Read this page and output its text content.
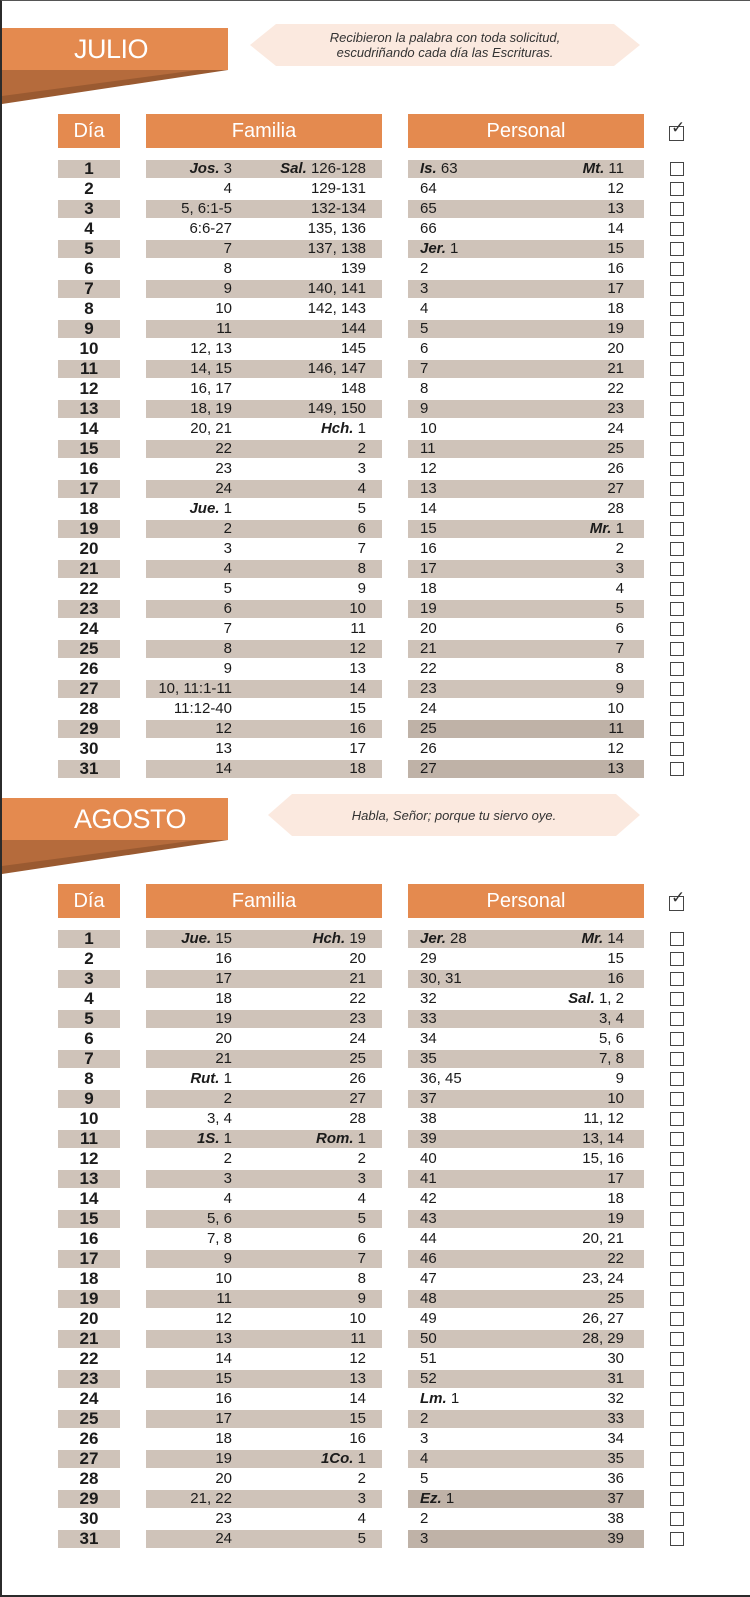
JULIO	Recibieron la palabra con toda solicitud,
escudriñando cada día las Escrituras.
Día	Familia	Personal	✓
1	Jos. 3	Sal. 126-128	Is. 63	Mt. 11
2	4	129-131	64	12
3	5, 6:1-5	132-134	65	13
4	6:6-27	135, 136	66	14
5	7	137, 138	Jer. 1	15
6	8	139	2	16
7	9	140, 141	3	17
8	10	142, 143	4	18
9	11	144	5	19
10	12, 13	145	6	20
11	14, 15	146, 147	7	21
12	16, 17	148	8	22
13	18, 19	149, 150	9	23
14	20, 21	Hch. 1	10	24
15	22	2	11	25
16	23	3	12	26
17	24	4	13	27
18	Jue. 1	5	14	28
19	2	6	15	Mr. 1
20	3	7	16	2
21	4	8	17	3
22	5	9	18	4
23	6	10	19	5
24	7	11	20	6
25	8	12	21	7
26	9	13	22	8
27	10, 11:1-11	14	23	9
28	11:12-40	15	24	10
29	12	16	25	11
30	13	17	26	12
31	14	18	27	13
AGOSTO	Habla, Señor; porque tu siervo oye.
Día	Familia	Personal	✓
1	Jue. 15	Hch. 19	Jer. 28	Mr. 14
2	16	20	29	15
3	17	21	30, 31	16
4	18	22	32	Sal. 1, 2
5	19	23	33	3, 4
6	20	24	34	5, 6
7	21	25	35	7, 8
8	Rut. 1	26	36, 45	9
9	2	27	37	10
10	3, 4	28	38	11, 12
11	1S. 1	Rom. 1	39	13, 14
12	2	2	40	15, 16
13	3	3	41	17
14	4	4	42	18
15	5, 6	5	43	19
16	7, 8	6	44	20, 21
17	9	7	46	22
18	10	8	47	23, 24
19	11	9	48	25
20	12	10	49	26, 27
21	13	11	50	28, 29
22	14	12	51	30
23	15	13	52	31
24	16	14	Lm. 1	32
25	17	15	2	33
26	18	16	3	34
27	19	1Co. 1	4	35
28	20	2	5	36
29	21, 22	3	Ez. 1	37
30	23	4	2	38
31	24	5	3	39
